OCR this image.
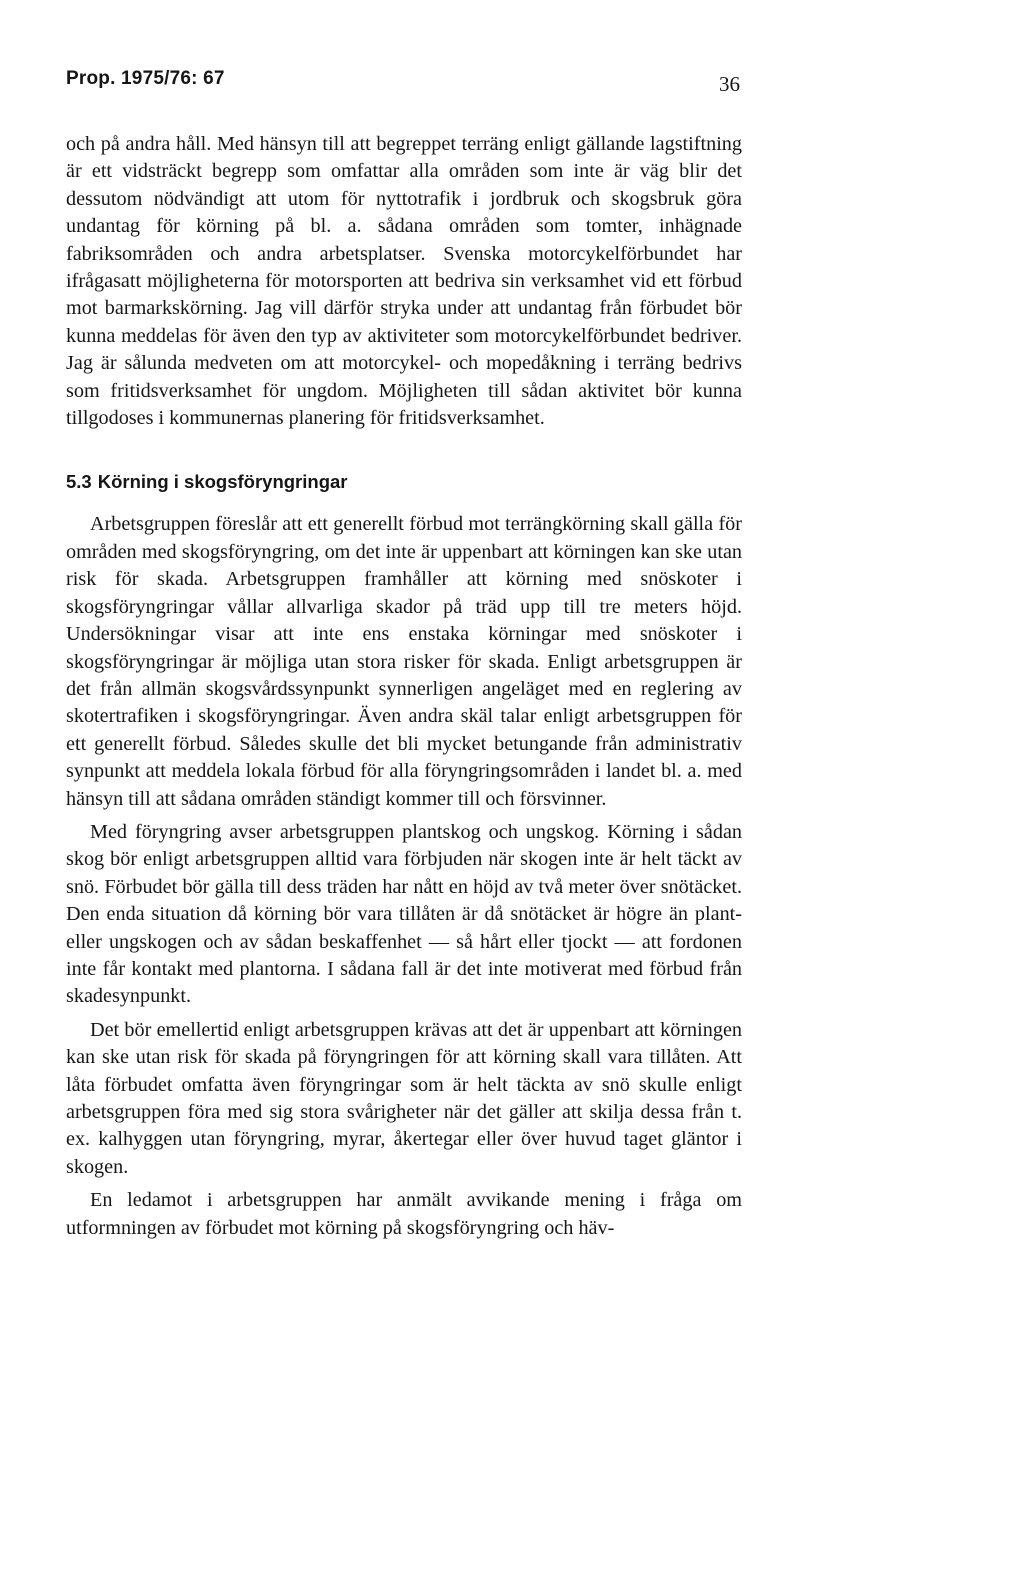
Prop. 1975/76: 67	36

och på andra håll. Med hänsyn till att begreppet terräng enligt gällande lagstiftning är ett vidsträckt begrepp som omfattar alla områden som inte är väg blir det dessutom nödvändigt att utom för nyttotrafik i jordbruk och skogsbruk göra undantag för körning på bl. a. sådana områden som tomter, inhägnade fabriksområden och andra arbetsplatser. Svenska motorcykelförbundet har ifrågasatt möjligheterna för motorsporten att bedriva sin verksamhet vid ett förbud mot barmarkskörning. Jag vill därför stryka under att undantag från förbudet bör kunna meddelas för även den typ av aktiviteter som motorcykelförbundet bedriver. Jag är sålunda medveten om att motorcykel- och mopedåkning i terräng bedrivs som fritidsverksamhet för ungdom. Möjligheten till sådan aktivitet bör kunna tillgodoses i kommunernas planering för fritidsverksamhet.

5.3 Körning i skogsföryngringar

Arbetsgruppen föreslår att ett generellt förbud mot terrängkörning skall gälla för områden med skogsföryngring, om det inte är uppenbart att körningen kan ske utan risk för skada. Arbetsgruppen framhåller att körning med snöskoter i skogsföryngringar vållar allvarliga skador på träd upp till tre meters höjd. Undersökningar visar att inte ens enstaka körningar med snöskoter i skogsföryngringar är möjliga utan stora risker för skada. Enligt arbetsgruppen är det från allmän skogsvårdssynpunkt synnerligen angeläget med en reglering av skotertrafiken i skogsföryngringar. Även andra skäl talar enligt arbetsgruppen för ett generellt förbud. Således skulle det bli mycket betungande från administrativ synpunkt att meddela lokala förbud för alla föryngringsområden i landet bl. a. med hänsyn till att sådana områden ständigt kommer till och försvinner.

Med föryngring avser arbetsgruppen plantskog och ungskog. Körning i sådan skog bör enligt arbetsgruppen alltid vara förbjuden när skogen inte är helt täckt av snö. Förbudet bör gälla till dess träden har nått en höjd av två meter över snötäcket. Den enda situation då körning bör vara tillåten är då snötäcket är högre än plant- eller ungskogen och av sådan beskaffenhet — så hårt eller tjockt — att fordonen inte får kontakt med plantorna. I sådana fall är det inte motiverat med förbud från skadesynpunkt.

Det bör emellertid enligt arbetsgruppen krävas att det är uppenbart att körningen kan ske utan risk för skada på föryngringen för att körning skall vara tillåten. Att låta förbudet omfatta även föryngringar som är helt täckta av snö skulle enligt arbetsgruppen föra med sig stora svårigheter när det gäller att skilja dessa från t. ex. kalhyggen utan föryngring, myrar, åkertegar eller över huvud taget gläntor i skogen.

En ledamot i arbetsgruppen har anmält avvikande mening i fråga om utformningen av förbudet mot körning på skogsföryngring och häv-
